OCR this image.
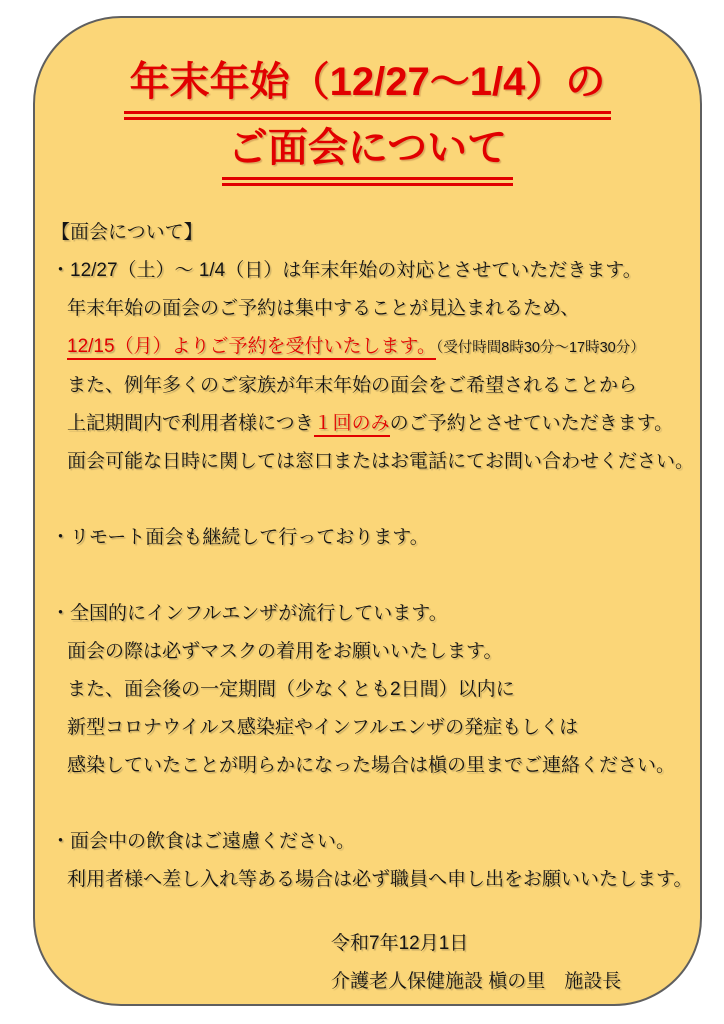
年末年始（12/27～1/4）の
ご面会について

【面会について】

・12/27（土）～ 1/4（日）は年末年始の対応とさせていただきます。

年末年始の面会のご予約は集中することが見込まれるため、

12/15（月）よりご予約を受付いたします。（受付時間8時30分～17時30分）

また、例年多くのご家族が年末年始の面会をご希望されることから

上記期間内で利用者様につき１回のみのご予約とさせていただきます。

面会可能な日時に関しては窓口またはお電話にてお問い合わせください。

・リモート面会も継続して行っております。

・全国的にインフルエンザが流行しています。

面会の際は必ずマスクの着用をお願いいたします。

また、面会後の一定期間（少なくとも2日間）以内に

新型コロナウイルス感染症やインフルエンザの発症もしくは

感染していたことが明らかになった場合は槇の里までご連絡ください。

・面会中の飲食はご遠慮ください。

利用者様へ差し入れ等ある場合は必ず職員へ申し出をお願いいたします。

令和7年12月1日

介護老人保健施設 槇の里　施設長
